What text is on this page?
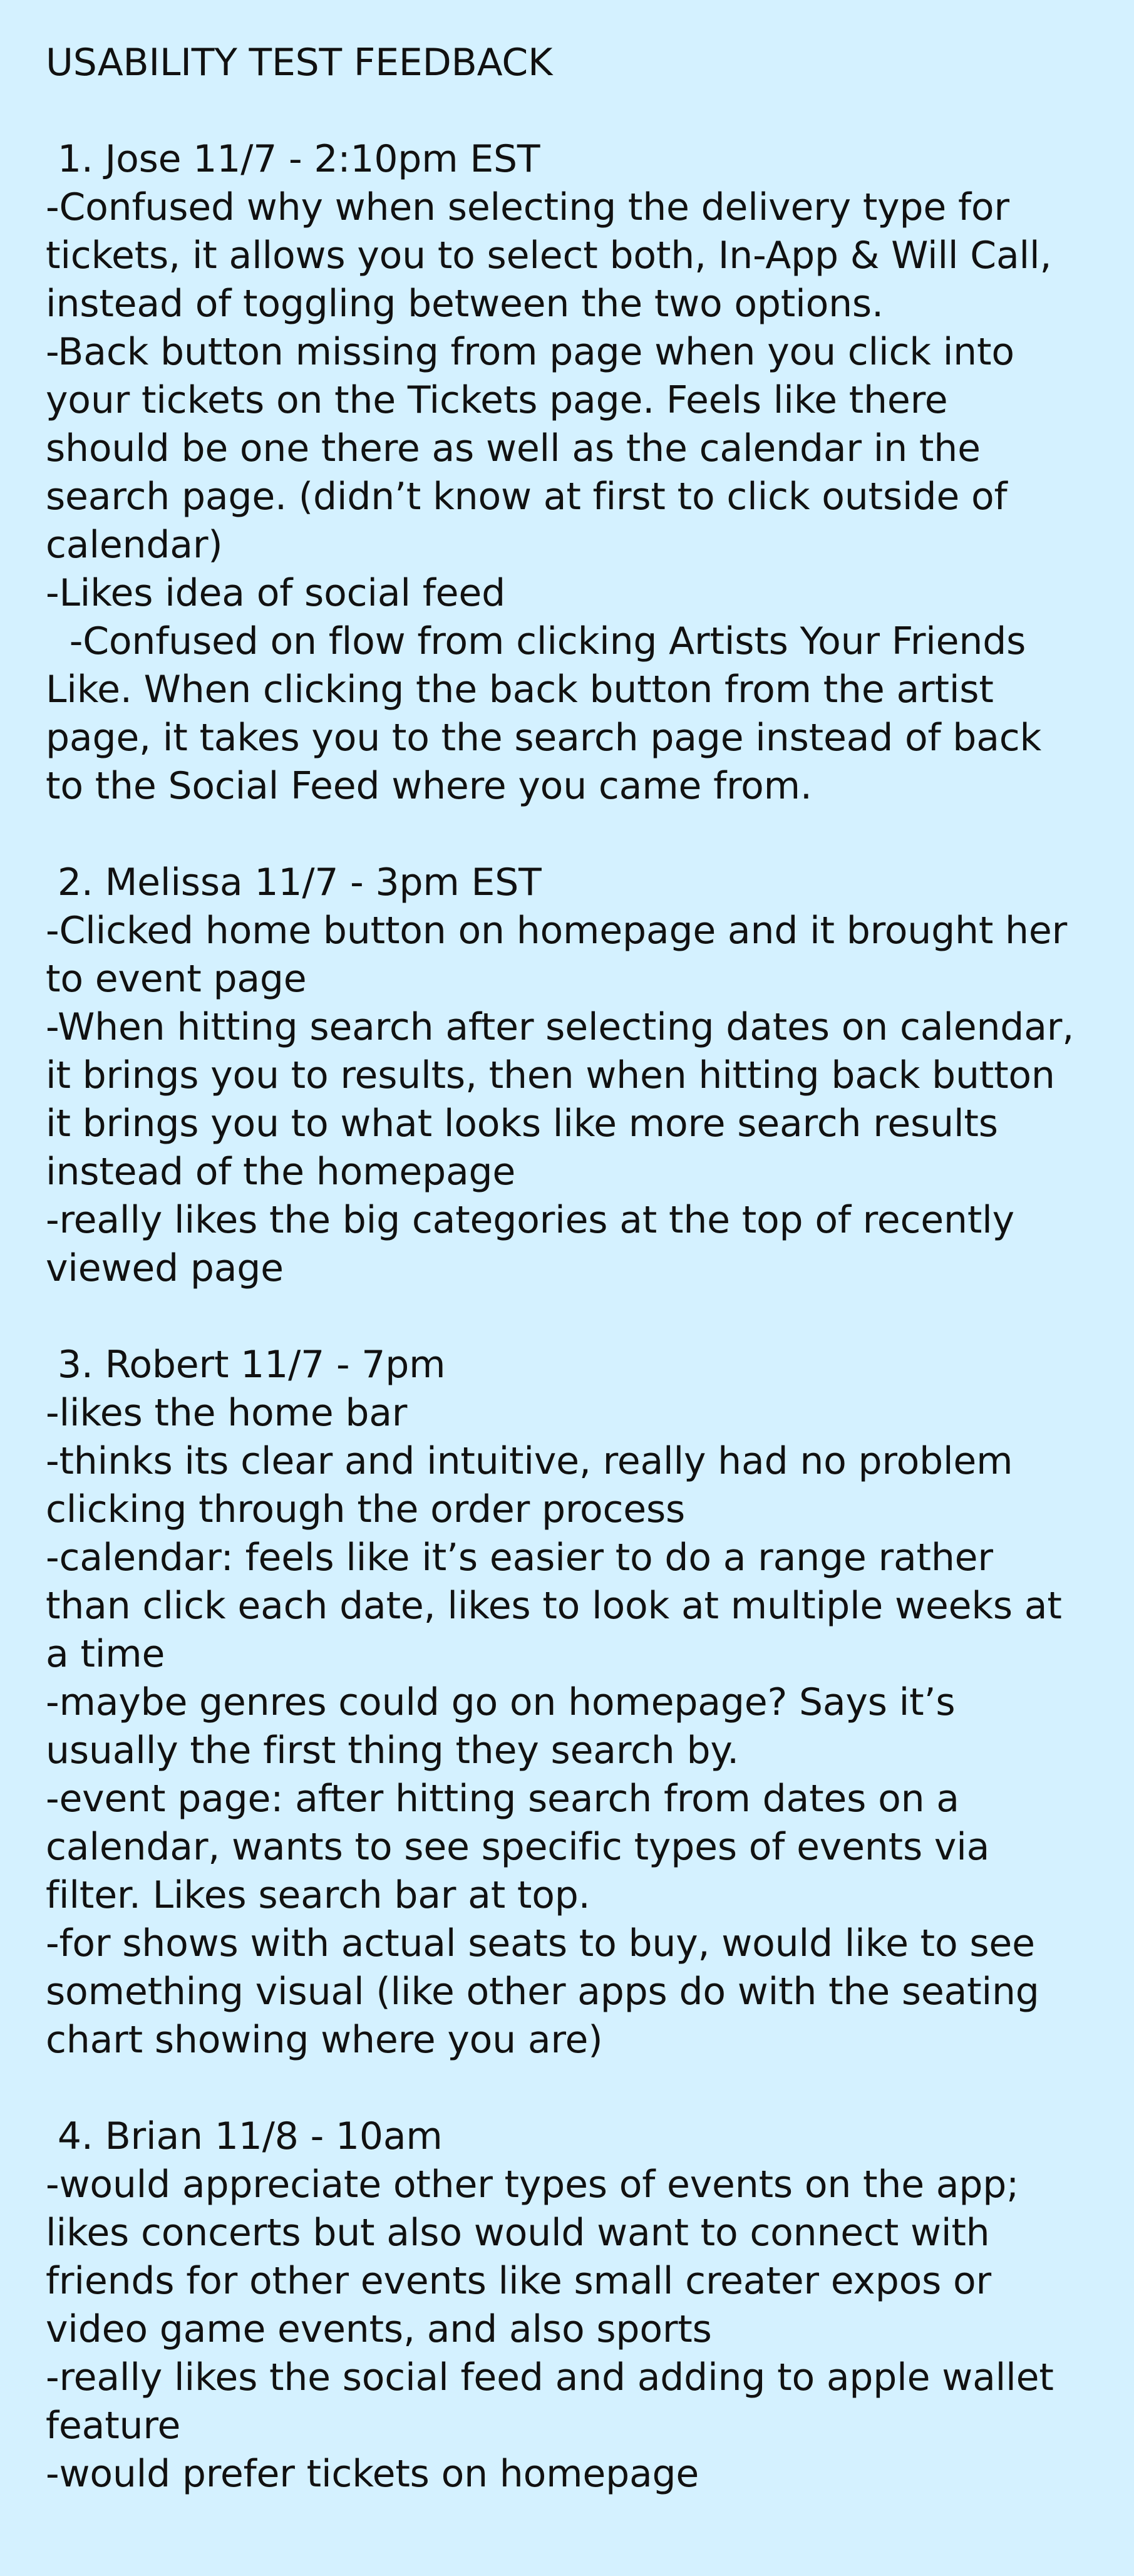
USABILITY TEST FEEDBACK

1. Jose 11/7 - 2:10pm EST

-Confused why when selecting the delivery type for

tickets, it allows you to select both, In-App & Will Call,

instead of toggling between the two options.

-Back button missing from page when you click into

your tickets on the Tickets page. Feels like there

should be one there as well as the calendar in the

search page. (didn’t know at first to click outside of

calendar)

-Likes idea of social feed

-Confused on flow from clicking Artists Your Friends

Like. When clicking the back button from the artist

page, it takes you to the search page instead of back

to the Social Feed where you came from.

2. Melissa 11/7 - 3pm EST

-Clicked home button on homepage and it brought her

to event page

-When hitting search after selecting dates on calendar,

it brings you to results, then when hitting back button

it brings you to what looks like more search results

instead of the homepage

-really likes the big categories at the top of recently

viewed page

3. Robert 11/7 - 7pm

-likes the home bar

-thinks its clear and intuitive, really had no problem

clicking through the order process

-calendar: feels like it’s easier to do a range rather

than click each date, likes to look at multiple weeks at

a time

-maybe genres could go on homepage? Says it’s

usually the first thing they search by.

-event page: after hitting search from dates on a

calendar, wants to see specific types of events via

filter. Likes search bar at top.

-for shows with actual seats to buy, would like to see

something visual (like other apps do with the seating

chart showing where you are)

4. Brian 11/8 - 10am

-would appreciate other types of events on the app;

likes concerts but also would want to connect with

friends for other events like small creater expos or

video game events, and also sports

-really likes the social feed and adding to apple wallet

feature

-would prefer tickets on homepage
